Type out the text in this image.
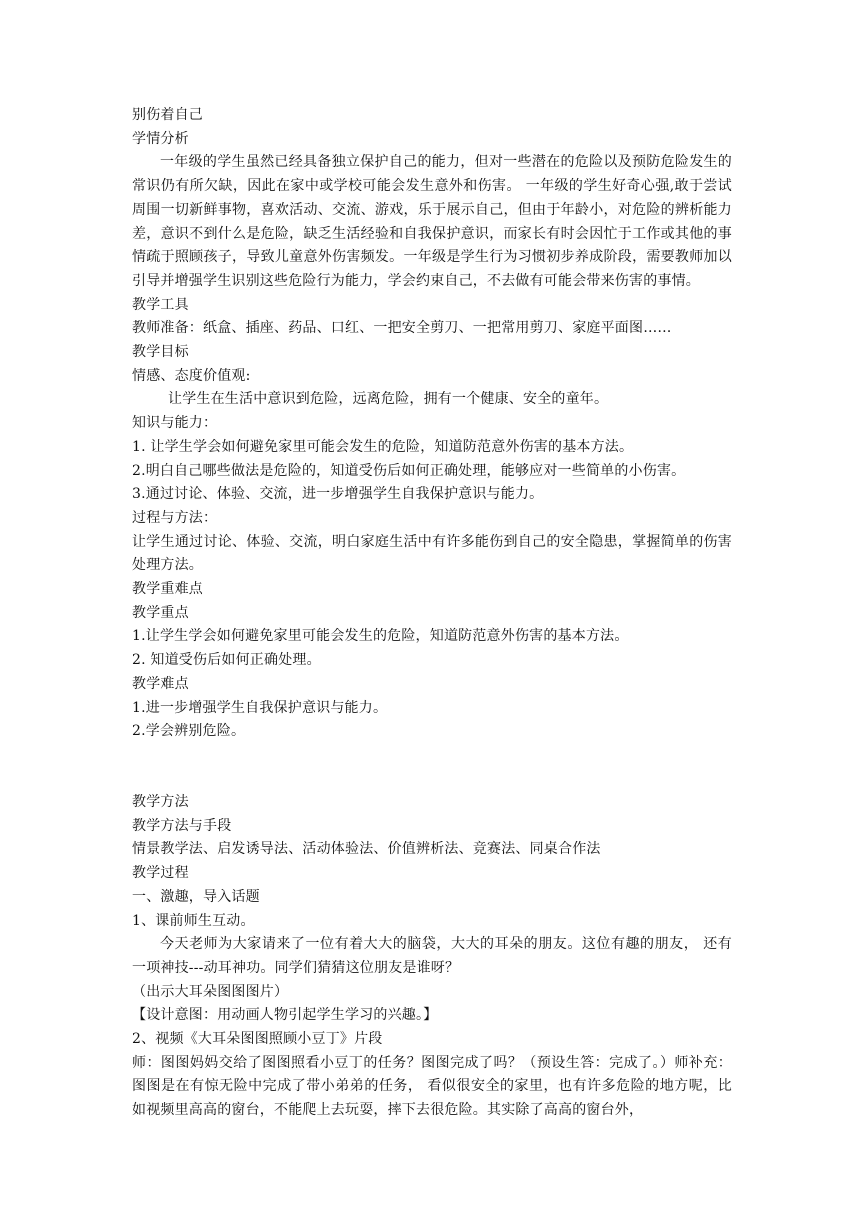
别伤着自己
学情分析
一年级的学生虽然已经具备独立保护自己的能力，但对一些潜在的危险以及预防危险发生的常识仍有所欠缺，因此在家中或学校可能会发生意外和伤害。 一年级的学生好奇心强,敢于尝试周围一切新鲜事物，喜欢活动、交流、游戏，乐于展示自己，但由于年龄小，对危险的辨析能力差，意识不到什么是危险，缺乏生活经验和自我保护意识，而家长有时会因忙于工作或其他的事情疏于照顾孩子，导致儿童意外伤害频发。一年级是学生行为习惯初步养成阶段，需要教师加以引导并增强学生识别这些危险行为能力，学会约束自己，不去做有可能会带来伤害的事情。
教学工具
教师准备：纸盒、插座、药品、口红、一把安全剪刀、一把常用剪刀、家庭平面图……
教学目标
情感、态度价值观:
让学生在生活中意识到危险，远离危险，拥有一个健康、安全的童年。
知识与能力：
1. 让学生学会如何避免家里可能会发生的危险，知道防范意外伤害的基本方法。
2.明白自己哪些做法是危险的，知道受伤后如何正确处理，能够应对一些简单的小伤害。
3.通过讨论、体验、交流，进一步增强学生自我保护意识与能力。
过程与方法：
让学生通过讨论、体验、交流，明白家庭生活中有许多能伤到自己的安全隐患，掌握简单的伤害处理方法。
教学重难点
教学重点
1.让学生学会如何避免家里可能会发生的危险，知道防范意外伤害的基本方法。
2. 知道受伤后如何正确处理。
教学难点
1.进一步增强学生自我保护意识与能力。
2.学会辨别危险。
教学方法
教学方法与手段
情景教学法、启发诱导法、活动体验法、价值辨析法、竞赛法、同桌合作法
教学过程
一、激趣，导入话题
1、课前师生互动。
今天老师为大家请来了一位有着大大的脑袋，大大的耳朵的朋友。这位有趣的朋友， 还有一项神技---动耳神功。同学们猜猜这位朋友是谁呀？
（出示大耳朵图图图片）
【设计意图：用动画人物引起学生学习的兴趣。】
2、视频《大耳朵图图照顾小豆丁》片段
师：图图妈妈交给了图图照看小豆丁的任务？图图完成了吗？（预设生答：完成了。）师补充：图图是在有惊无险中完成了带小弟弟的任务， 看似很安全的家里，也有许多危险的地方呢，比如视频里高高的窗台，不能爬上去玩耍，摔下去很危险。其实除了高高的窗台外，
